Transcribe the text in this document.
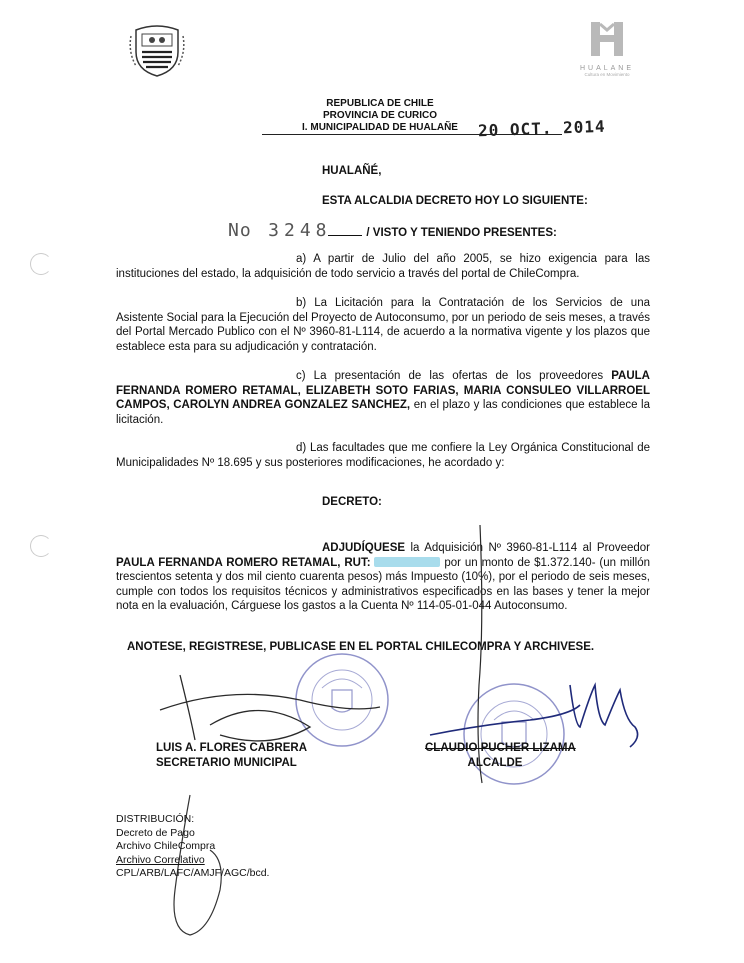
HUALANE
Cultura en Movimiento
REPUBLICA DE CHILE
PROVINCIA DE CURICO
I. MUNICIPALIDAD DE HUALAÑE 20 OCT. 2014
HUALAÑÉ,
ESTA ALCALDIA DECRETO HOY LO SIGUIENTE:
No 3248	/ VISTO Y TENIENDO PRESENTES:
a) A partir de Julio del año 2005, se hizo exigencia para las instituciones del estado, la adquisición de todo servicio a través del portal de ChileCompra.
b) La Licitación para la Contratación de los Servicios de una Asistente Social para la Ejecución del Proyecto de Autoconsumo, por un periodo de seis meses, a través del Portal Mercado Publico con el Nº 3960-81-L114, de acuerdo a la normativa vigente y los plazos que establece esta para su adjudicación y contratación.
c) La presentación de las ofertas de los proveedores PAULA FERNANDA ROMERO RETAMAL, ELIZABETH SOTO FARIAS, MARIA CONSULEO VILLARROEL CAMPOS, CAROLYN ANDREA GONZALEZ SANCHEZ, en el plazo y las condiciones que establece la licitación.
d) Las facultades que me confiere la Ley Orgánica Constitucional de Municipalidades Nº 18.695 y sus posteriores modificaciones, he acordado y:
DECRETO:
ADJUDÍQUESE la Adquisición Nº 3960-81-L114 al Proveedor PAULA FERNANDA ROMERO RETAMAL, RUT:	por un monto de $1.372.140- (un millón trescientos setenta y dos mil ciento cuarenta pesos) más Impuesto (10%), por el periodo de seis meses, cumple con todos los requisitos técnicos y administrativos especificados en las bases y tener la mejor nota en la evaluación, Cárguese los gastos a la Cuenta Nº 114-05-01-044 Autoconsumo.
ANOTESE, REGISTRESE, PUBLICASE EN EL PORTAL CHILECOMPRA Y ARCHIVESE.
LUIS A. FLORES CABRERA
SECRETARIO MUNICIPAL
CLAUDIO PUCHER LIZAMA
ALCALDE
DISTRIBUCIÓN:
Decreto de Pago
Archivo ChileCompra
Archivo Correlativo
CPL/ARB/LAFC/AMJF/AGC/bcd.
